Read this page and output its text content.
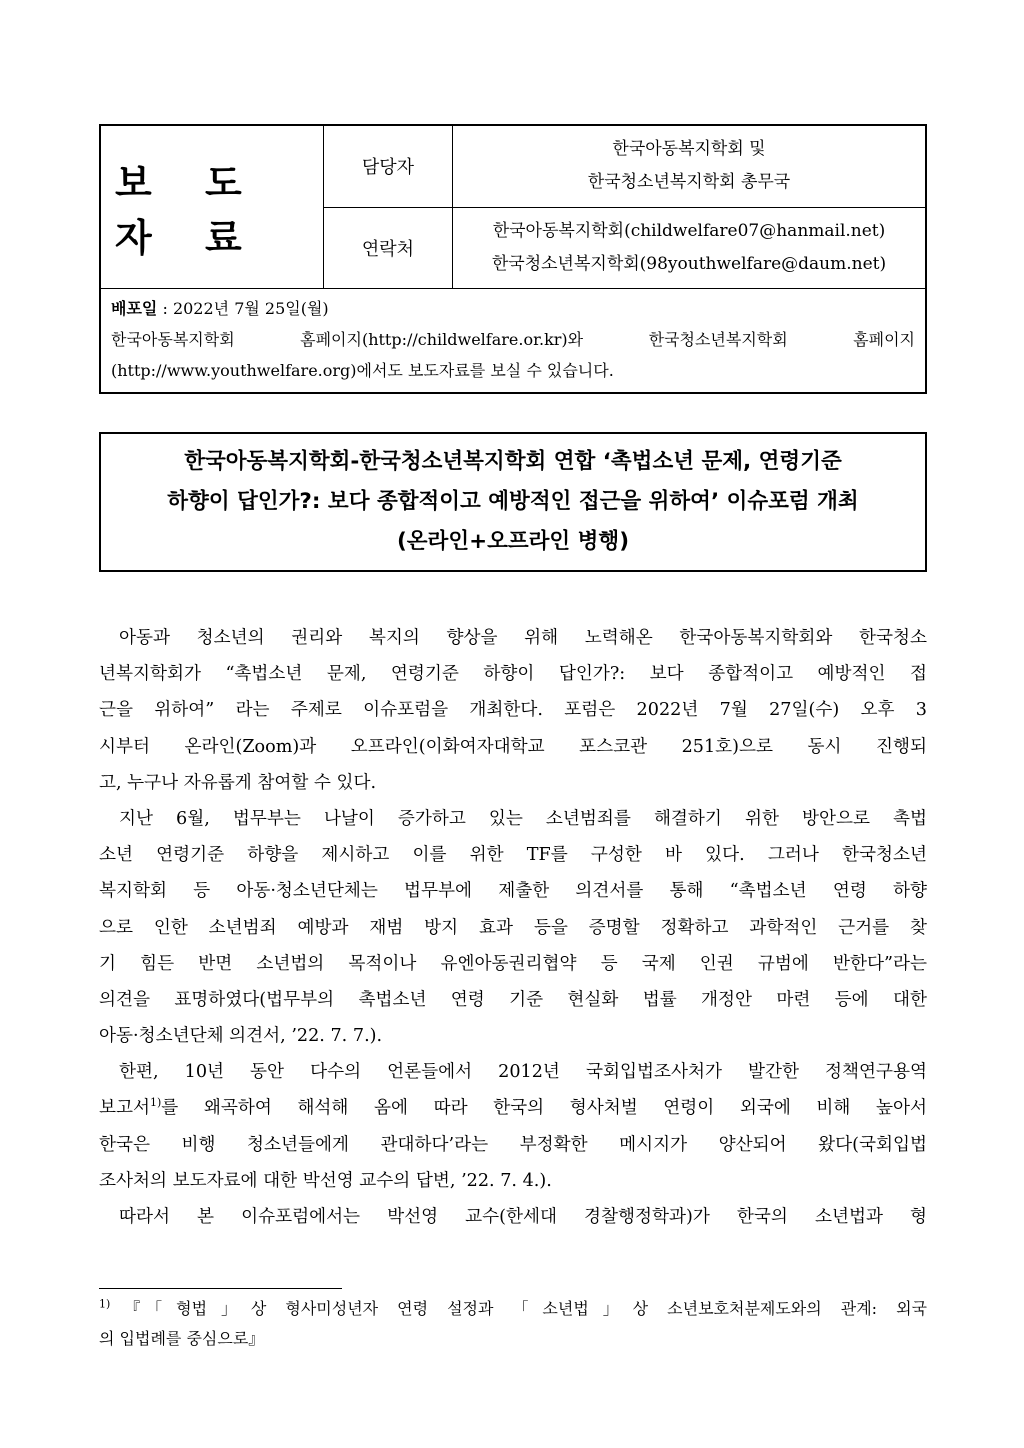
보 도 자 료
담당자
한국아동복지학회 및
한국청소년복지학회 총무국
연락처
한국아동복지학회(childwelfare07@hanmail.net)
한국청소년복지학회(98youthwelfare@daum.net)
배포일 : 2022년 7월 25일(월)
한국아동복지학회 홈페이지(http://childwelfare.or.kr)와 한국청소년복지학회 홈페이지
(http://www.youthwelfare.org)에서도 보도자료를 보실 수 있습니다.
한국아동복지학회-한국청소년복지학회 연합 ‘촉법소년 문제, 연령기준
하향이 답인가?: 보다 종합적이고 예방적인 접근을 위하여’ 이슈포럼 개최
(온라인+오프라인 병행)
아동과 청소년의 권리와 복지의 향상을 위해 노력해온 한국아동복지학회와 한국청소
년복지학회가 “촉법소년 문제, 연령기준 하향이 답인가?: 보다 종합적이고 예방적인 접
근을 위하여” 라는 주제로 이슈포럼을 개최한다. 포럼은 2022년 7월 27일(수) 오후 3
시부터 온라인(Zoom)과 오프라인(이화여자대학교 포스코관 251호)으로 동시 진행되
고, 누구나 자유롭게 참여할 수 있다.
지난 6월, 법무부는 나날이 증가하고 있는 소년범죄를 해결하기 위한 방안으로 촉법
소년 연령기준 하향을 제시하고 이를 위한 TF를 구성한 바 있다. 그러나 한국청소년
복지학회 등 아동·청소년단체는 법무부에 제출한 의견서를 통해 “촉법소년 연령 하향
으로 인한 소년범죄 예방과 재범 방지 효과 등을 증명할 정확하고 과학적인 근거를 찾
기 힘든 반면 소년법의 목적이나 유엔아동권리협약 등 국제 인권 규범에 반한다”라는
의견을 표명하였다(법무부의 촉법소년 연령 기준 현실화 법률 개정안 마련 등에 대한
아동·청소년단체 의견서, ’22. 7. 7.).
한편, 10년 동안 다수의 언론들에서 2012년 국회입법조사처가 발간한 정책연구용역
보고서$^{1)}$를 왜곡하여 해석해 옴에 따라 한국의 형사처벌 연령이 외국에 비해 높아서
한국은 비행 청소년들에게 관대하다’라는 부정확한 메시지가 양산되어 왔다(국회입법
조사처의 보도자료에 대한 박선영 교수의 답변, ’22. 7. 4.).
따라서 본 이슈포럼에서는 박선영 교수(한세대 경찰행정학과)가 한국의 소년법과 형
$^{1)}$『「형법」상 형사미성년자 연령 설정과 「소년법」상 소년보호처분제도와의 관계: 외국
의 입법례를 중심으로』
